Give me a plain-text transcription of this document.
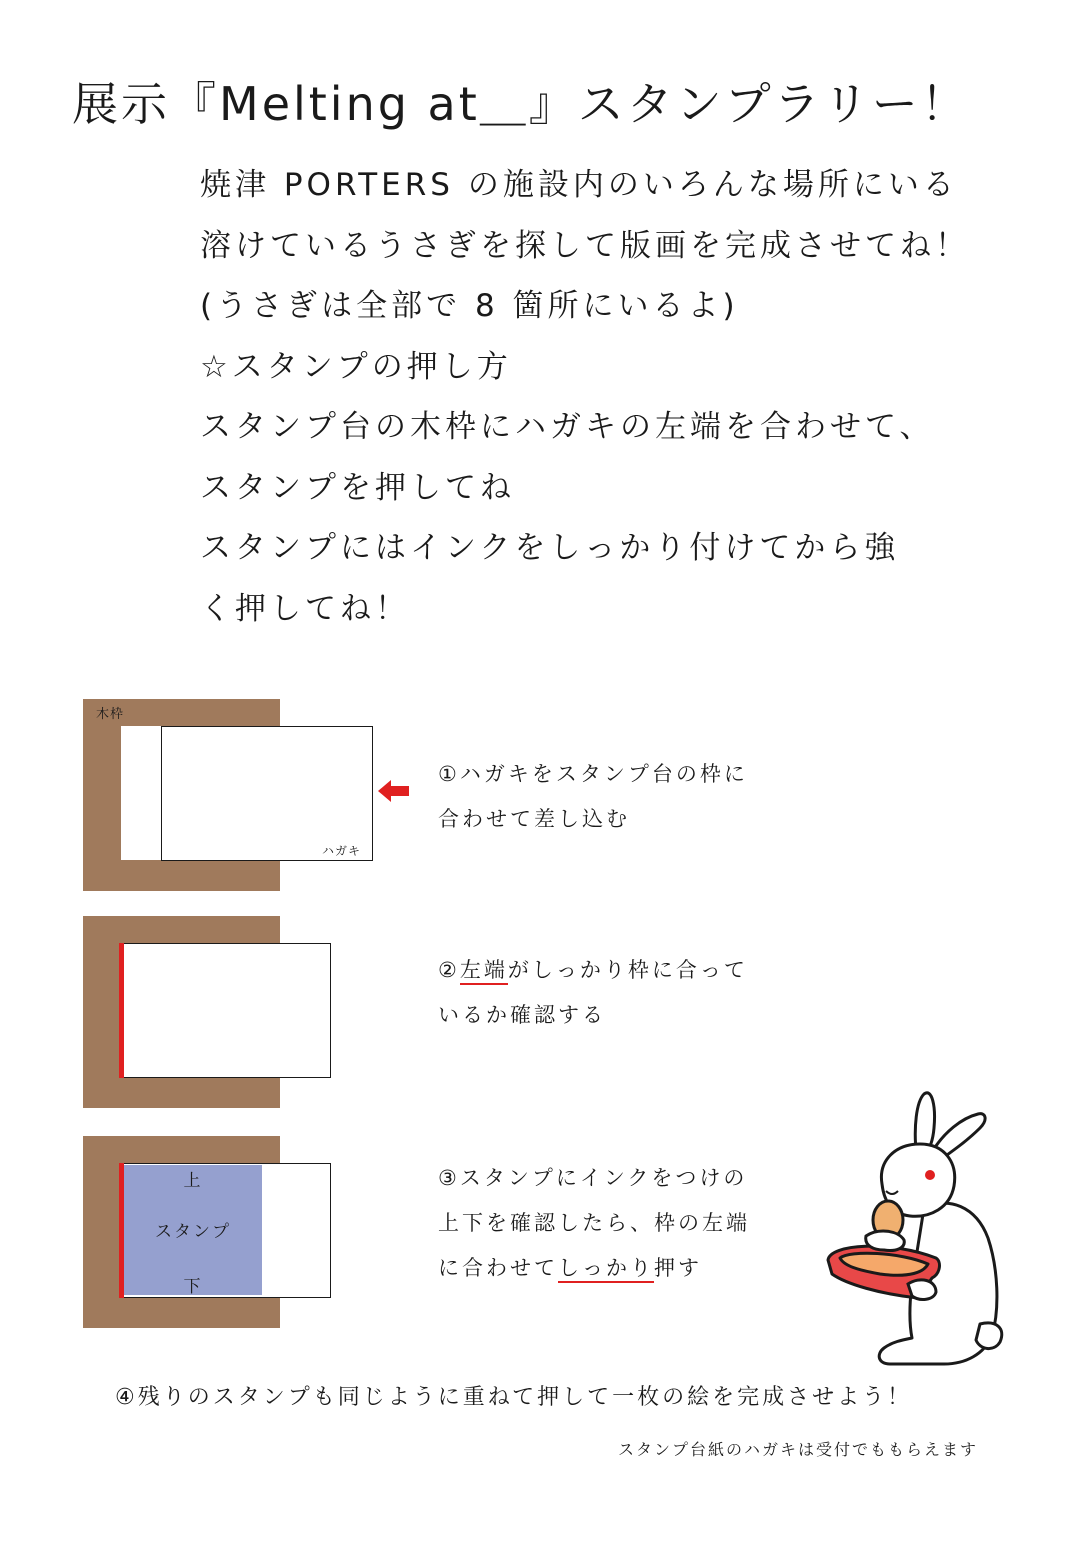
展示『Melting at＿』スタンプラリー！
焼津 PORTERS の施設内のいろんな場所にいる
溶けているうさぎを探して版画を完成させてね！
(うさぎは全部で 8 箇所にいるよ)
☆スタンプの押し方
スタンプ台の木枠にハガキの左端を合わせて、
スタンプを押してね
スタンプにはインクをしっかり付けてから強
く押してね！
木枠
ハガキ
①ハガキをスタンプ台の枠に
合わせて差し込む
②左端がしっかり枠に合って
いるか確認する
上
スタンプ
下
③スタンプにインクをつけの
上下を確認したら、枠の左端
に合わせてしっかり押す
④残りのスタンプも同じように重ねて押して一枚の絵を完成させよう！
スタンプ台紙のハガキは受付でももらえます
